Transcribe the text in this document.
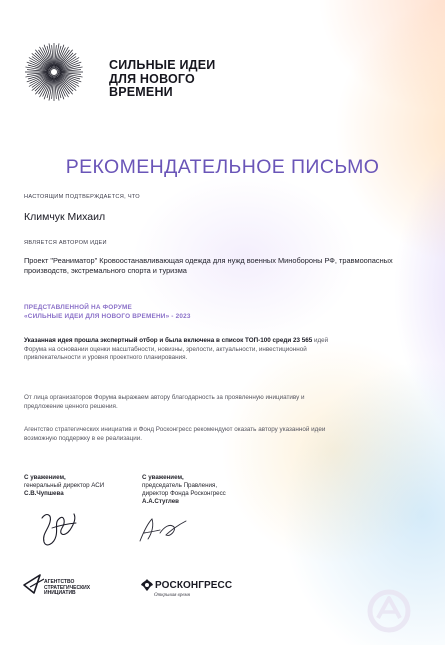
СИЛЬНЫЕ ИДЕИ
ДЛЯ НОВОГО
ВРЕМЕНИ
РЕКОМЕНДАТЕЛЬНОЕ ПИСЬМО
НАСТОЯЩИМ ПОДТВЕРЖДАЕТСЯ, ЧТО
Климчук Михаил
ЯВЛЯЕТСЯ АВТОРОМ ИДЕИ
Проект "Реаниматор" Кровоостанавливающая одежда для нужд военных Минобороны РФ, травмоопасных производств, экстремального спорта и туризма
ПРЕДСТАВЛЕННОЙ НА ФОРУМЕ
«СИЛЬНЫЕ ИДЕИ ДЛЯ НОВОГО ВРЕМЕНИ» - 2023
Указанная идея прошла экспертный отбор и была включена в список ТОП-100 среди 23 565 идей Форума на основании оценки масштабности, новизны, зрелости, актуальности, инвестиционной привлекательности и уровня проектного планирования.
От лица организаторов Форума выражаем автору благодарность за проявленную инициативу и предложение ценного решения.
Агентство стратегических инициатив и Фонд Росконгресс рекомендуют оказать автору указанной идеи возможную поддержку в ее реализации.
С уважением,
генеральный директор АСИ
С.В.Чупшева
С уважением,
председатель Правления,
директор Фонда Росконгресс
А.А.Стуглев
АГЕНТСТВО
СТРАТЕГИЧЕСКИХ
ИНИЦИАТИВ
РОСКОНГРЕСС
Открывая время
